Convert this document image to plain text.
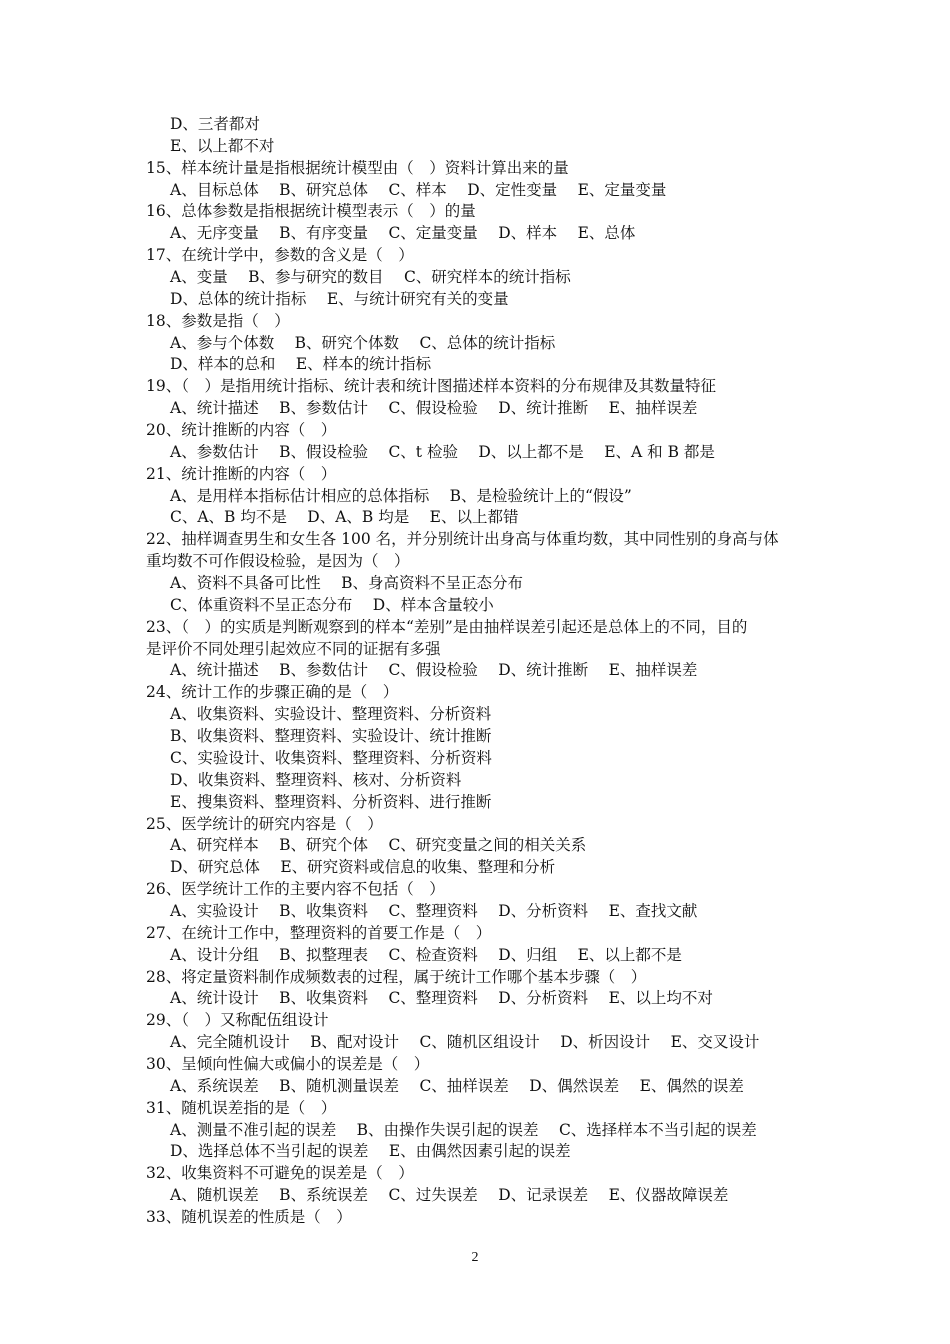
D、三者都对
E、以上都不对
15、样本统计量是指根据统计模型由（　）资料计算出来的量
A、目标总体　 B、研究总体　 C、样本　 D、定性变量　 E、定量变量
16、总体参数是指根据统计模型表示（　）的量
A、无序变量　 B、有序变量　 C、定量变量　 D、样本　 E、总体
17、在统计学中，参数的含义是（　）
A、变量　 B、参与研究的数目　 C、研究样本的统计指标
D、总体的统计指标　 E、与统计研究有关的变量
18、参数是指（　）
A、参与个体数　 B、研究个体数　 C、总体的统计指标
D、样本的总和　 E、样本的统计指标
19、（　）是指用统计指标、统计表和统计图描述样本资料的分布规律及其数量特征
A、统计描述　 B、参数估计　 C、假设检验　 D、统计推断　 E、抽样误差
20、统计推断的内容（　）
A、参数估计　 B、假设检验　 C、t 检验　 D、以上都不是　 E、A 和 B 都是
21、统计推断的内容（　）
A、是用样本指标估计相应的总体指标　 B、是检验统计上的“假设”
C、A、B 均不是　 D、A、B 均是　 E、以上都错
22、抽样调查男生和女生各 100 名，并分别统计出身高与体重均数，其中同性别的身高与体
重均数不可作假设检验，是因为（　）
A、资料不具备可比性　 B、身高资料不呈正态分布
C、体重资料不呈正态分布　 D、样本含量较小
23、（　）的实质是判断观察到的样本“差别”是由抽样误差引起还是总体上的不同，目的
是评价不同处理引起效应不同的证据有多强
A、统计描述　 B、参数估计　 C、假设检验　 D、统计推断　 E、抽样误差
24、统计工作的步骤正确的是（　）
A、收集资料、实验设计、整理资料、分析资料
B、收集资料、整理资料、实验设计、统计推断
C、实验设计、收集资料、整理资料、分析资料
D、收集资料、整理资料、核对、分析资料
E、搜集资料、整理资料、分析资料、进行推断
25、医学统计的研究内容是（　）
A、研究样本　 B、研究个体　 C、研究变量之间的相关关系
D、研究总体　 E、研究资料或信息的收集、整理和分析
26、医学统计工作的主要内容不包括（　）
A、实验设计　 B、收集资料　 C、整理资料　 D、分析资料　 E、查找文献
27、在统计工作中，整理资料的首要工作是（　）
A、设计分组　 B、拟整理表　 C、检查资料　 D、归组　 E、以上都不是
28、将定量资料制作成频数表的过程，属于统计工作哪个基本步骤（　）
A、统计设计　 B、收集资料　 C、整理资料　 D、分析资料　 E、以上均不对
29、（　）又称配伍组设计
A、完全随机设计　 B、配对设计　 C、随机区组设计　 D、析因设计　 E、交叉设计
30、呈倾向性偏大或偏小的误差是（　）
A、系统误差　 B、随机测量误差　 C、抽样误差　 D、偶然误差　 E、偶然的误差
31、随机误差指的是（　）
A、测量不准引起的误差　 B、由操作失误引起的误差　 C、选择样本不当引起的误差
D、选择总体不当引起的误差　 E、由偶然因素引起的误差
32、收集资料不可避免的误差是（　）
A、随机误差　 B、系统误差　 C、过失误差　 D、记录误差　 E、仪器故障误差
33、随机误差的性质是（　）
2
